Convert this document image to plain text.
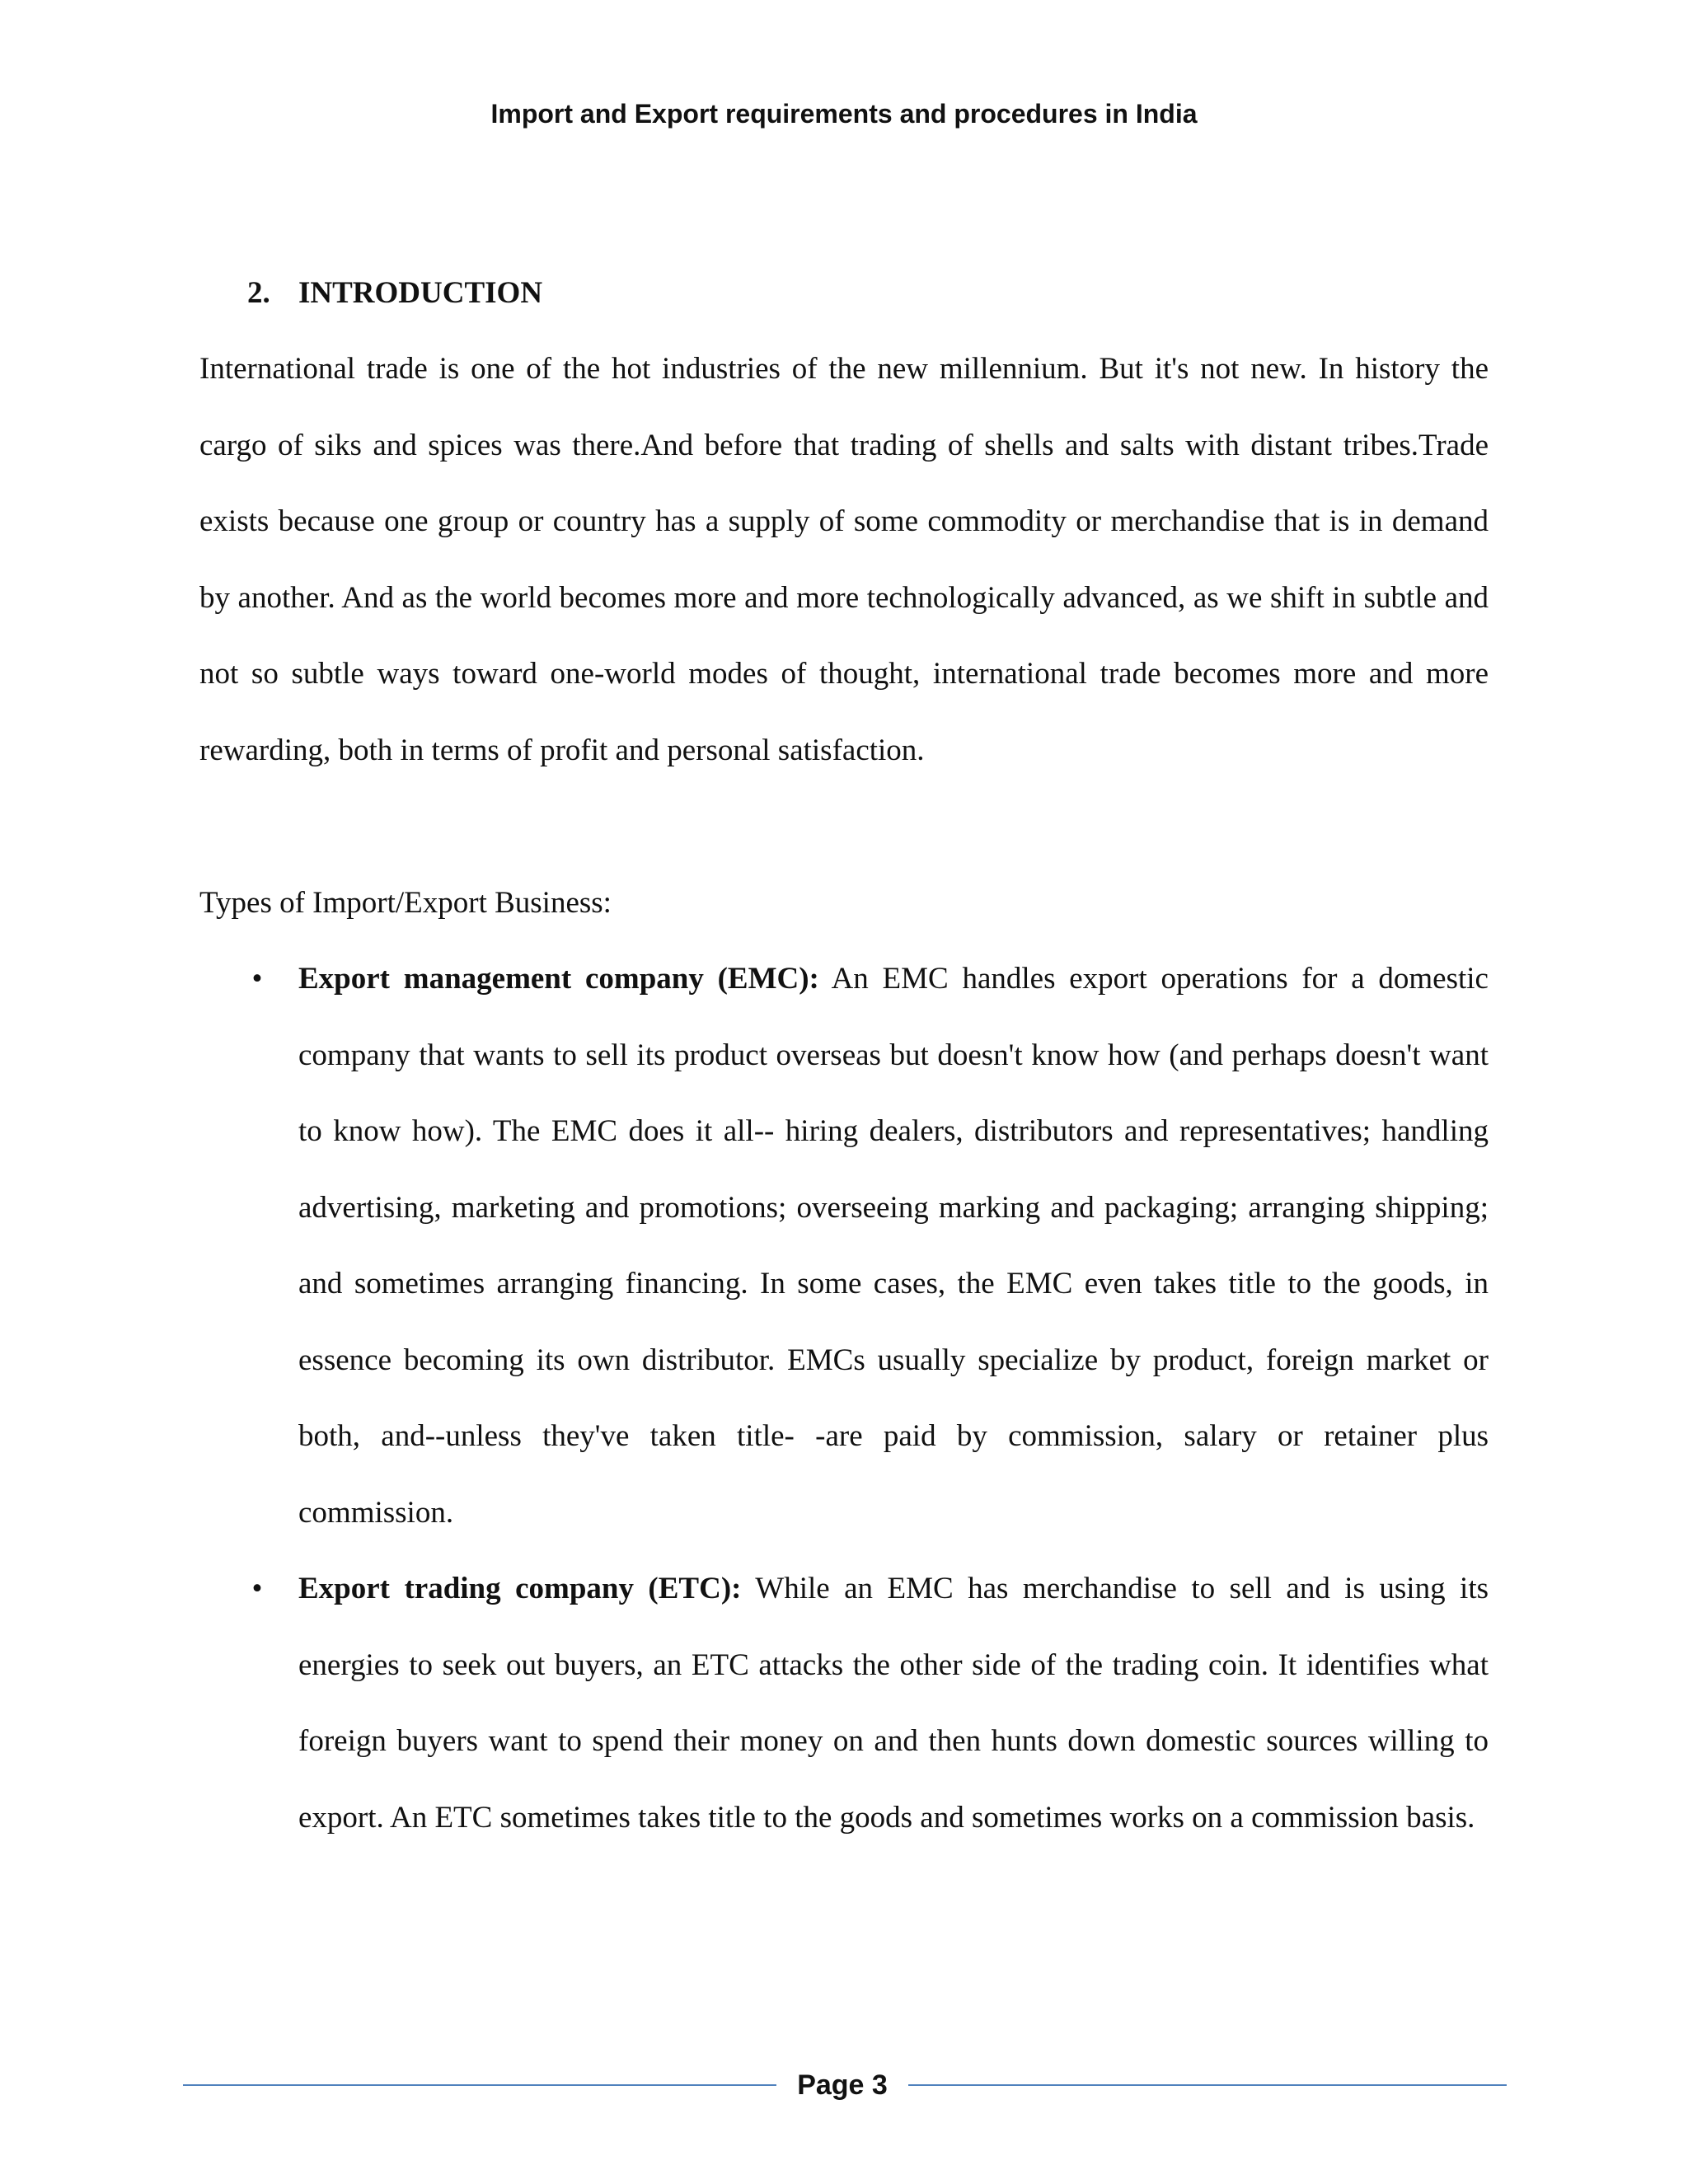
Import and Export requirements and procedures in India
2. INTRODUCTION

International trade is one of the hot industries of the new millennium. But it's not new. In history the cargo of siks and spices was there.And before that trading of shells and salts with distant tribes.Trade exists because one group or country has a supply of some commodity or merchandise that is in demand by another. And as the world becomes more and more technologically advanced, as we shift in subtle and not so subtle ways toward one-world modes of thought, international trade becomes more and more rewarding, both in terms of profit and personal satisfaction.

Types of Import/Export Business:
• Export management company (EMC): An EMC handles export operations for a domestic company that wants to sell its product overseas but doesn't know how (and perhaps doesn't want to know how). The EMC does it all-- hiring dealers, distributors and representatives; handling advertising, marketing and promotions; overseeing marking and packaging; arranging shipping; and sometimes arranging financing. In some cases, the EMC even takes title to the goods, in essence becoming its own distributor. EMCs usually specialize by product, foreign market or both, and--unless they've taken title- -are paid by commission, salary or retainer plus commission.
• Export trading company (ETC): While an EMC has merchandise to sell and is using its energies to seek out buyers, an ETC attacks the other side of the trading coin. It identifies what foreign buyers want to spend their money on and then hunts down domestic sources willing to export. An ETC sometimes takes title to the goods and sometimes works on a commission basis.
Page 3
